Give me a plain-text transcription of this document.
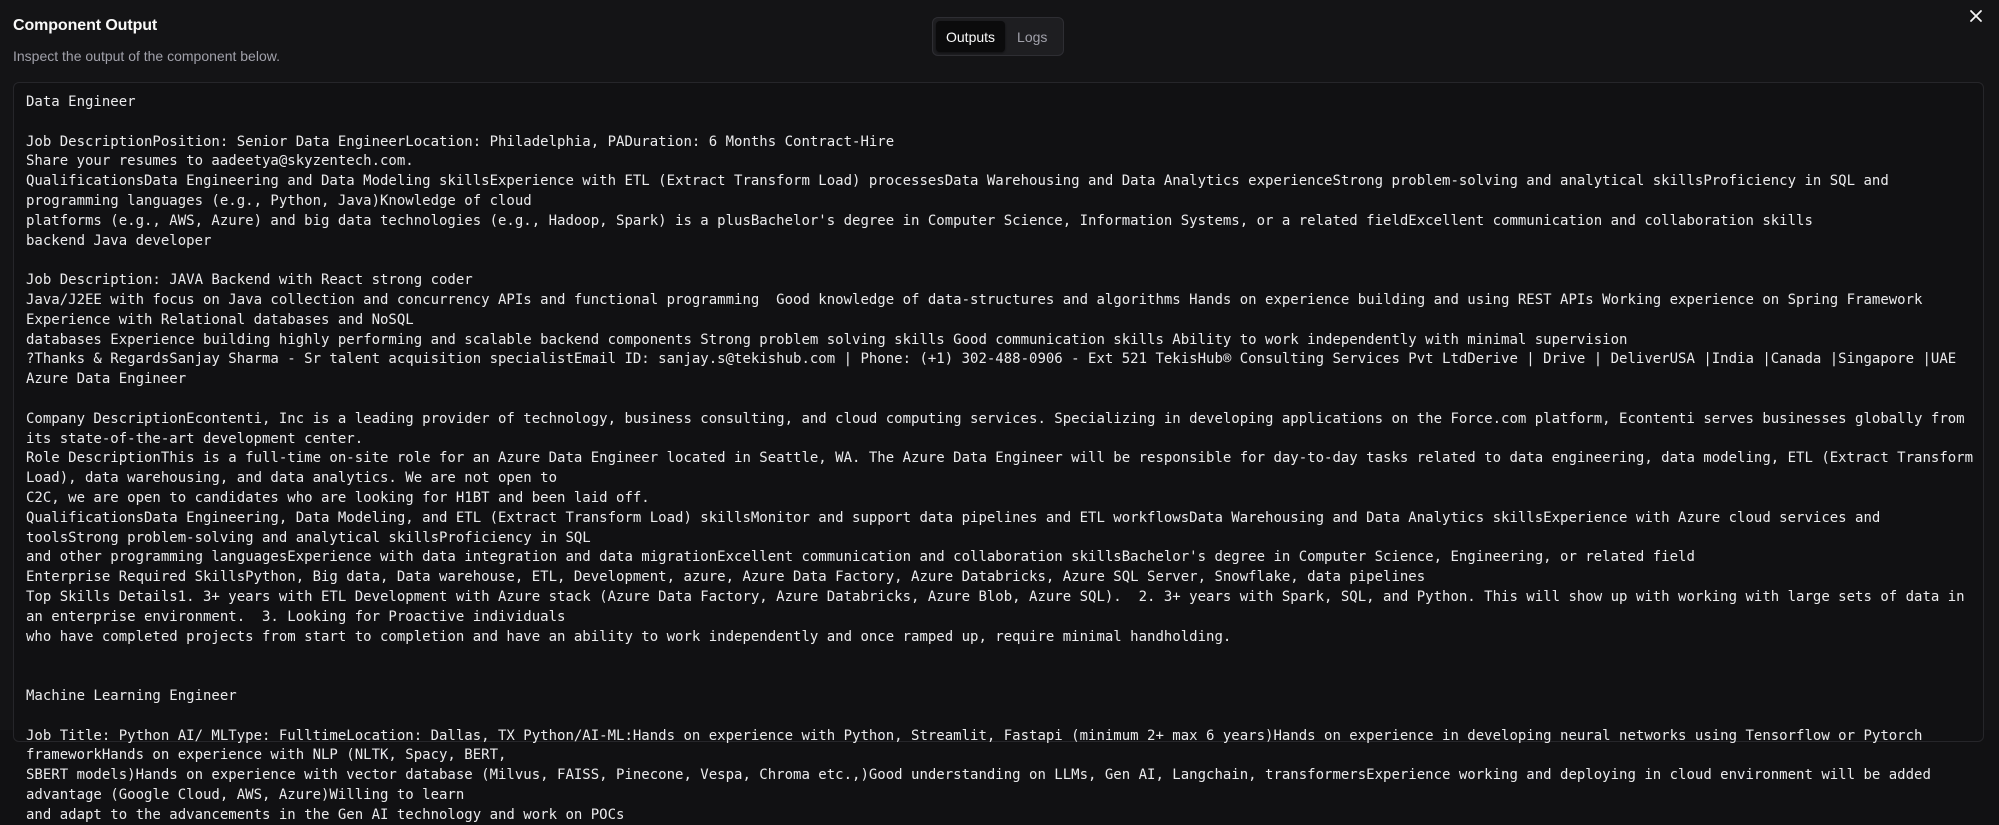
Component Output
Inspect the output of the component below.
Outputs	Logs
Data Engineer

Job DescriptionPosition: Senior Data EngineerLocation: Philadelphia, PADuration: 6 Months Contract-Hire
Share your resumes to aadeetya@skyzentech.com.
QualificationsData Engineering and Data Modeling skillsExperience with ETL (Extract Transform Load) processesData Warehousing and Data Analytics experienceStrong problem-solving and analytical skillsProficiency in SQL and programming languages (e.g., Python, Java)Knowledge of cloud
platforms (e.g., AWS, Azure) and big data technologies (e.g., Hadoop, Spark) is a plusBachelor's degree in Computer Science, Information Systems, or a related fieldExcellent communication and collaboration skills
backend Java developer

Job Description: JAVA Backend with React strong coder
Java/J2EE with focus on Java collection and concurrency APIs and functional programming  Good knowledge of data-structures and algorithms Hands on experience building and using REST APIs Working experience on Spring Framework Experience with Relational databases and NoSQL
databases Experience building highly performing and scalable backend components Strong problem solving skills Good communication skills Ability to work independently with minimal supervision
?Thanks & RegardsSanjay Sharma - Sr talent acquisition specialistEmail ID: sanjay.s@tekishub.com | Phone: (+1) 302-488-0906 - Ext 521 TekisHub® Consulting Services Pvt LtdDerive | Drive | DeliverUSA |India |Canada |Singapore |UAE
Azure Data Engineer

Company DescriptionEcontenti, Inc is a leading provider of technology, business consulting, and cloud computing services. Specializing in developing applications on the Force.com platform, Econtenti serves businesses globally from its state-of-the-art development center.
Role DescriptionThis is a full-time on-site role for an Azure Data Engineer located in Seattle, WA. The Azure Data Engineer will be responsible for day-to-day tasks related to data engineering, data modeling, ETL (Extract Transform Load), data warehousing, and data analytics. We are not open to
C2C, we are open to candidates who are looking for H1BT and been laid off.
QualificationsData Engineering, Data Modeling, and ETL (Extract Transform Load) skillsMonitor and support data pipelines and ETL workflowsData Warehousing and Data Analytics skillsExperience with Azure cloud services and toolsStrong problem-solving and analytical skillsProficiency in SQL
and other programming languagesExperience with data integration and data migrationExcellent communication and collaboration skillsBachelor's degree in Computer Science, Engineering, or related field
Enterprise Required SkillsPython, Big data, Data warehouse, ETL, Development, azure, Azure Data Factory, Azure Databricks, Azure SQL Server, Snowflake, data pipelines
Top Skills Details1. 3+ years with ETL Development with Azure stack (Azure Data Factory, Azure Databricks, Azure Blob, Azure SQL).  2. 3+ years with Spark, SQL, and Python. This will show up with working with large sets of data in an enterprise environment.  3. Looking for Proactive individuals
who have completed projects from start to completion and have an ability to work independently and once ramped up, require minimal handholding.

Machine Learning Engineer

Job Title: Python AI/ MLType: FulltimeLocation: Dallas, TX Python/AI-ML:Hands on experience with Python, Streamlit, Fastapi (minimum 2+ max 6 years)Hands on experience in developing neural networks using Tensorflow or Pytorch frameworkHands on experience with NLP (NLTK, Spacy, BERT,
SBERT models)Hands on experience with vector database (Milvus, FAISS, Pinecone, Vespa, Chroma etc.,)Good understanding on LLMs, Gen AI, Langchain, transformersExperience working and deploying in cloud environment will be added advantage (Google Cloud, AWS, Azure)Willing to learn
and adapt to the advancements in the Gen AI technology and work on POCs
